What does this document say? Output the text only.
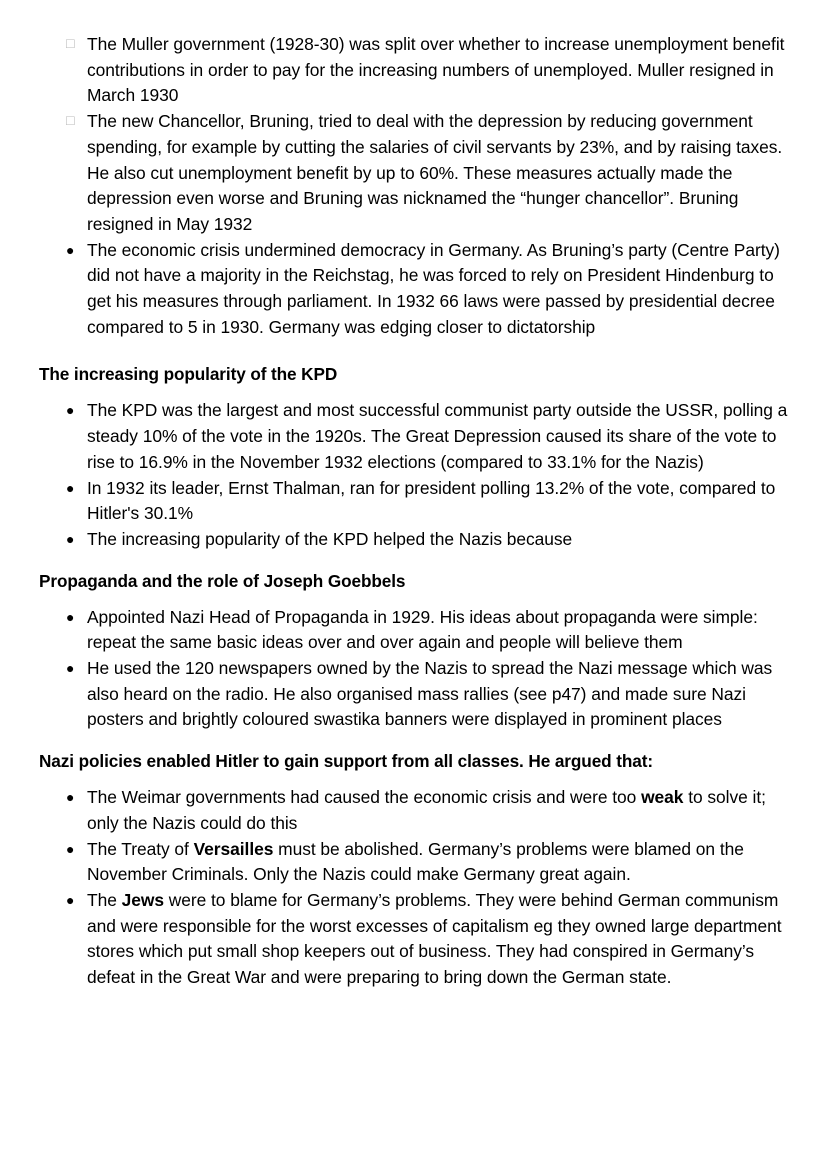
□ The Muller government (1928-30) was split over whether to increase unemployment benefit contributions in order to pay for the increasing numbers of unemployed. Muller resigned in March 1930
□ The new Chancellor, Bruning, tried to deal with the depression by reducing government spending, for example by cutting the salaries of civil servants by 23%, and by raising taxes. He also cut unemployment benefit by up to 60%. These measures actually made the depression even worse and Bruning was nicknamed the “hunger chancellor”. Bruning resigned in May 1932
● The economic crisis undermined democracy in Germany. As Bruning’s party (Centre Party) did not have a majority in the Reichstag, he was forced to rely on President Hindenburg to get his measures through parliament. In 1932 66 laws were passed by presidential decree compared to 5 in 1930. Germany was edging closer to dictatorship
The increasing popularity of the KPD
● The KPD was the largest and most successful communist party outside the USSR, polling a steady 10% of the vote in the 1920s. The Great Depression caused its share of the vote to rise to 16.9% in the November 1932 elections (compared to 33.1% for the Nazis)
● In 1932 its leader, Ernst Thalman, ran for president polling 13.2% of the vote, compared to Hitler's 30.1%
● The increasing popularity of the KPD helped the Nazis because
Propaganda and the role of Joseph Goebbels
● Appointed Nazi Head of Propaganda in 1929. His ideas about propaganda were simple: repeat the same basic ideas over and over again and people will believe them
● He used the 120 newspapers owned by the Nazis to spread the Nazi message which was also heard on the radio. He also organised mass rallies (see p47) and made sure Nazi posters and brightly coloured swastika banners were displayed in prominent places
Nazi policies enabled Hitler to gain support from all classes. He argued that:
● The Weimar governments had caused the economic crisis and were too weak to solve it; only the Nazis could do this
● The Treaty of Versailles must be abolished. Germany’s problems were blamed on the November Criminals. Only the Nazis could make Germany great again.
● The Jews were to blame for Germany’s problems. They were behind German communism and were responsible for the worst excesses of capitalism eg they owned large department stores which put small shop keepers out of business. They had conspired in Germany’s defeat in the Great War and were preparing to bring down the German state.
